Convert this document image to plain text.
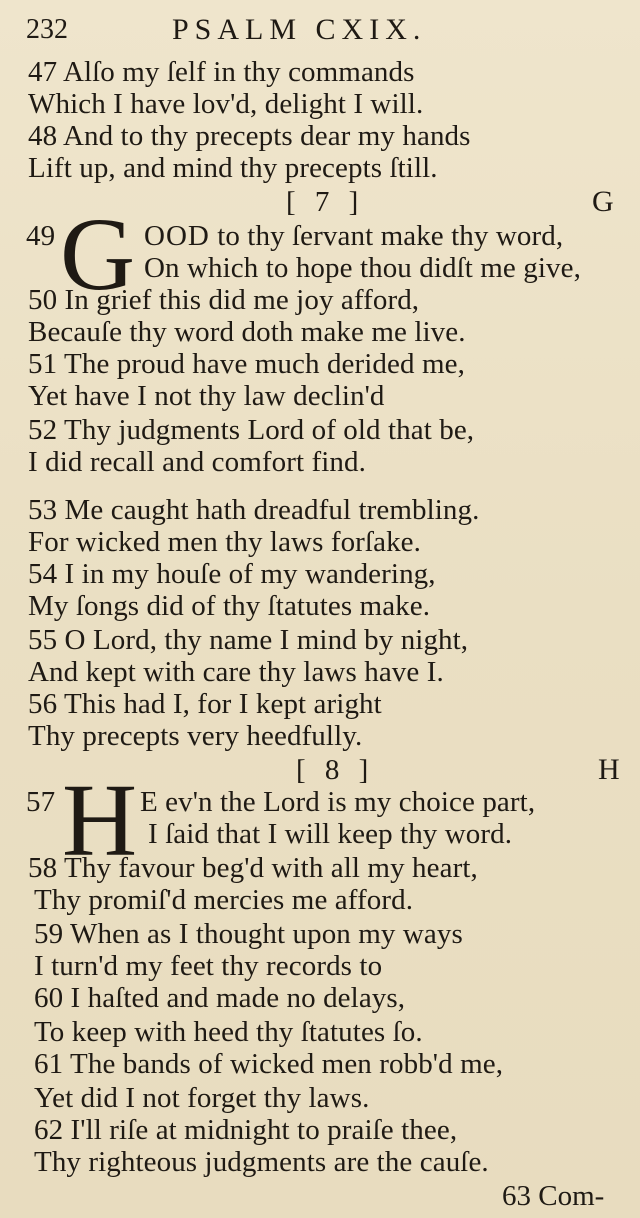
232	PSALM CXIX.
47 Alſo my ſelf in thy commands
Which I have lov'd, delight I will.
48 And to thy precepts dear my hands
Lift up, and mind thy precepts ſtill.
[ 7 ]	G
49 G OOD to thy ſervant make thy word,
On which to hope thou didſt me give,
50 In grief this did me joy afford,
Becauſe thy word doth make me live.
51 The proud have much derided me,
Yet have I not thy law declin'd
52 Thy judgments Lord of old that be,
I did recall and comfort find.
53 Me caught hath dreadful trembling.
For wicked men thy laws forſake.
54 I in my houſe of my wandering,
My ſongs did of thy ſtatutes make.
55 O Lord, thy name I mind by night,
And kept with care thy laws have I.
56 This had I, for I kept aright
Thy precepts very heedfully.
[ 8 ]	H
57 H E ev'n the Lord is my choice part,
I ſaid that I will keep thy word.
58 Thy favour beg'd with all my heart,
Thy promiſ'd mercies me afford.
59 When as I thought upon my ways
I turn'd my feet thy records to
60 I haſted and made no delays,
To keep with heed thy ſtatutes ſo.
61 The bands of wicked men robb'd me,
Yet did I not forget thy laws.
62 I'll riſe at midnight to praiſe thee,
Thy righteous judgments are the cauſe.
63 Com-
